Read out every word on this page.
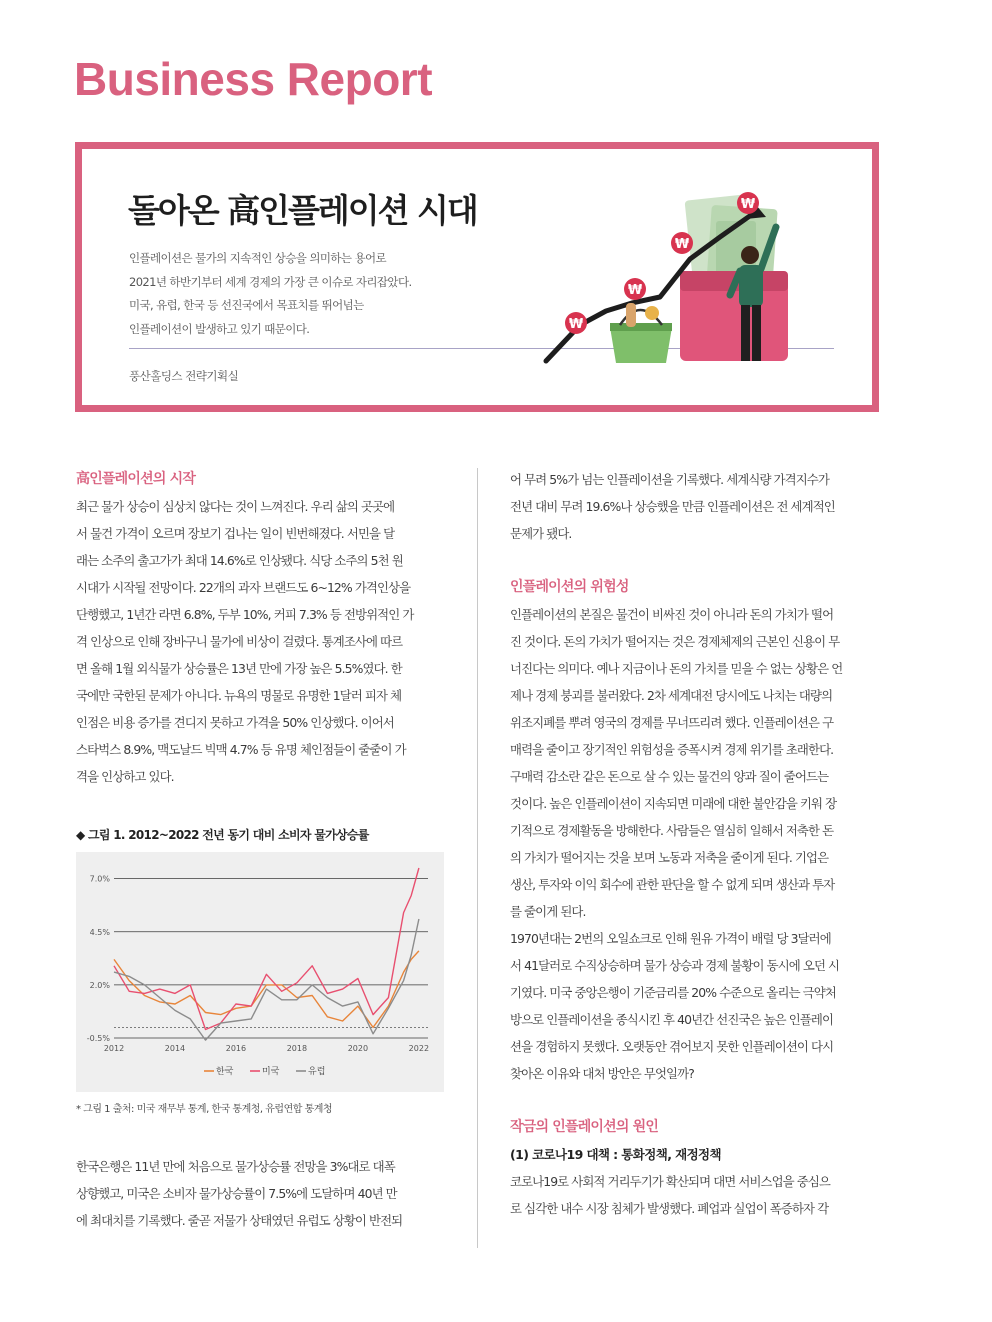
Business Report
돌아온 高인플레이션 시대
인플레이션은 물가의 지속적인 상승을 의미하는 용어로
2021년 하반기부터 세계 경제의 가장 큰 이슈로 자리잡았다.
미국, 유럽, 한국 등 선진국에서 목표치를 뛰어넘는
인플레이션이 발생하고 있기 때문이다.
풍산홀딩스 전략기획실
₩
₩
₩
₩
高인플레이션의 시작
최근 물가 상승이 심상치 않다는 것이 느껴진다. 우리 삶의 곳곳에
서 물건 가격이 오르며 장보기 겁나는 일이 빈번해졌다. 서민을 달
래는 소주의 출고가가 최대 14.6%로 인상됐다. 식당 소주의 5천 원
시대가 시작될 전망이다. 22개의 과자 브랜드도 6~12% 가격인상을
단행했고, 1년간 라면 6.8%, 두부 10%, 커피 7.3% 등 전방위적인 가
격 인상으로 인해 장바구니 물가에 비상이 걸렸다. 통계조사에 따르
면 올해 1월 외식물가 상승률은 13년 만에 가장 높은 5.5%였다. 한
국에만 국한된 문제가 아니다. 뉴욕의 명물로 유명한 1달러 피자 체
인점은 비용 증가를 견디지 못하고 가격을 50% 인상했다. 이어서
스타벅스 8.9%, 맥도날드 빅맥 4.7% 등 유명 체인점들이 줄줄이 가
격을 인상하고 있다.
◆ 그림 1. 2012~2022 전년 동기 대비 소비자 물가상승률
7.0%
4.5%
2.0%
-0.5%
2012	2014	2016	2018	2020	2022
한국	미국	유럽
* 그림 1 출처: 미국 재무부 통계, 한국 통계청, 유럽연합 통계청
한국은행은 11년 만에 처음으로 물가상승률 전망을 3%대로 대폭
상향했고, 미국은 소비자 물가상승률이 7.5%에 도달하며 40년 만
에 최대치를 기록했다. 줄곧 저물가 상태였던 유럽도 상황이 반전되
어 무려 5%가 넘는 인플레이션을 기록했다. 세계식량 가격지수가
전년 대비 무려 19.6%나 상승했을 만큼 인플레이션은 전 세계적인
문제가 됐다.
인플레이션의 위험성
인플레이션의 본질은 물건이 비싸진 것이 아니라 돈의 가치가 떨어
진 것이다. 돈의 가치가 떨어지는 것은 경제체제의 근본인 신용이 무
너진다는 의미다. 예나 지금이나 돈의 가치를 믿을 수 없는 상황은 언
제나 경제 붕괴를 불러왔다. 2차 세계대전 당시에도 나치는 대량의
위조지폐를 뿌려 영국의 경제를 무너뜨리려 했다. 인플레이션은 구
매력을 줄이고 장기적인 위험성을 증폭시켜 경제 위기를 초래한다.
구매력 감소란 같은 돈으로 살 수 있는 물건의 양과 질이 줄어드는
것이다. 높은 인플레이션이 지속되면 미래에 대한 불안감을 키워 장
기적으로 경제활동을 방해한다. 사람들은 열심히 일해서 저축한 돈
의 가치가 떨어지는 것을 보며 노동과 저축을 줄이게 된다. 기업은
생산, 투자와 이익 회수에 관한 판단을 할 수 없게 되며 생산과 투자
를 줄이게 된다.
1970년대는 2번의 오일쇼크로 인해 원유 가격이 배럴 당 3달러에
서 41달러로 수직상승하며 물가 상승과 경제 불황이 동시에 오던 시
기였다. 미국 중앙은행이 기준금리를 20% 수준으로 올리는 극약처
방으로 인플레이션을 종식시킨 후 40년간 선진국은 높은 인플레이
션을 경험하지 못했다. 오랫동안 겪어보지 못한 인플레이션이 다시
찾아온 이유와 대처 방안은 무엇일까?
작금의 인플레이션의 원인
(1) 코로나19 대책 : 통화정책, 재정정책
코로나19로 사회적 거리두기가 확산되며 대면 서비스업을 중심으
로 심각한 내수 시장 침체가 발생했다. 폐업과 실업이 폭증하자 각
